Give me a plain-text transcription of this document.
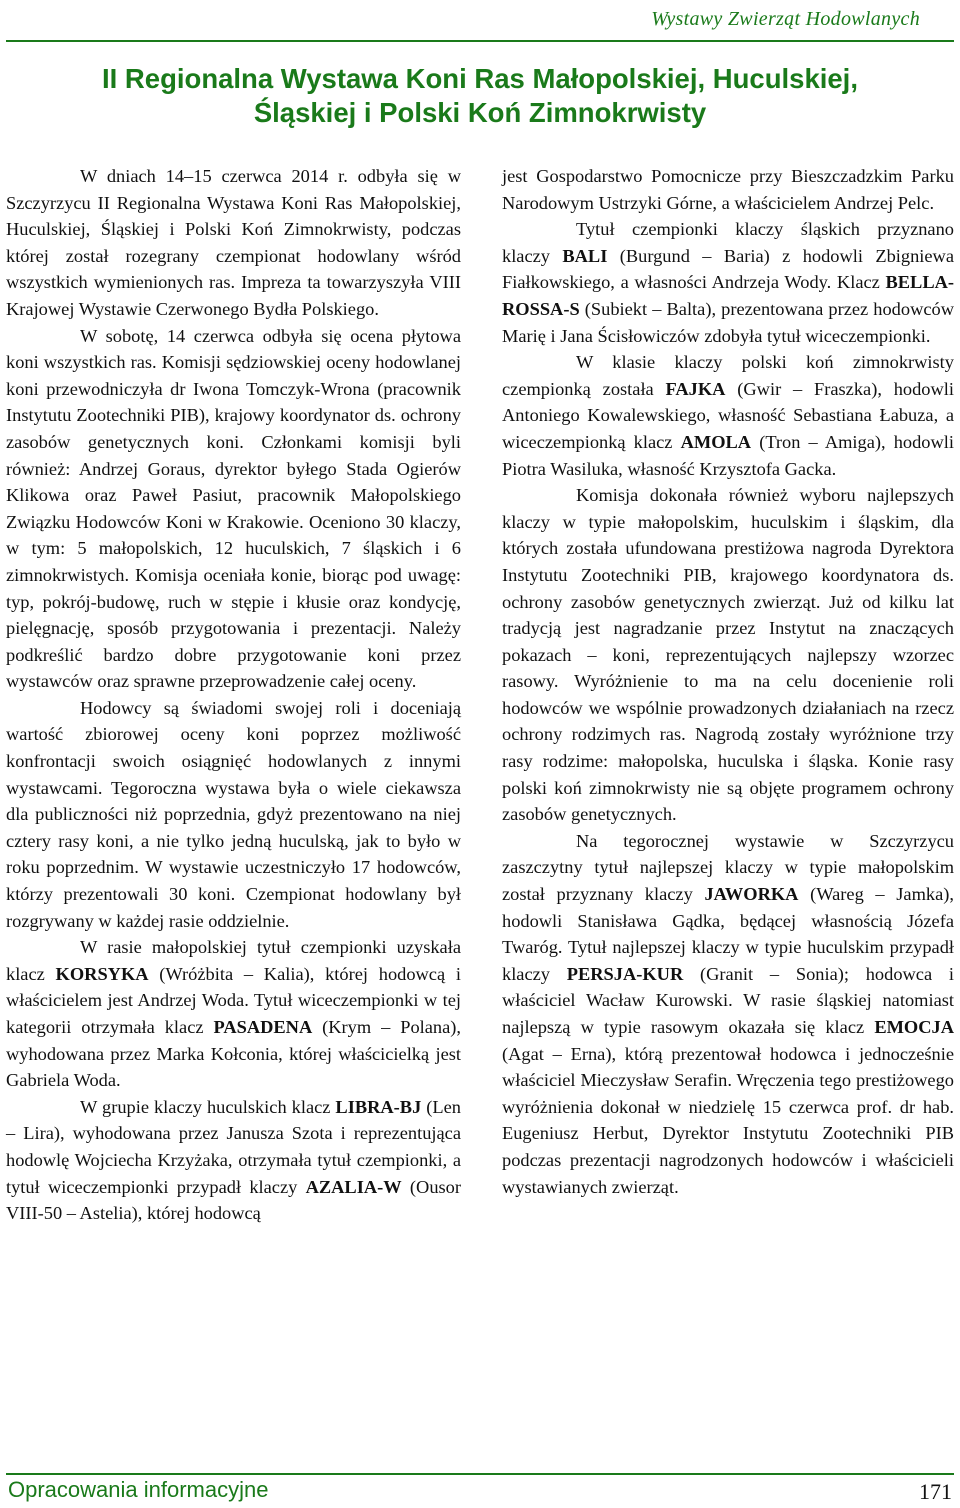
Wystawy Zwierząt Hodowlanych
II Regionalna Wystawa Koni Ras Małopolskiej, Huculskiej,
Śląskiej i Polski Koń Zimnokrwisty

W dniach 14–15 czerwca 2014 r. odbyła się w Szczyrzycu II Regionalna Wystawa Koni Ras Małopolskiej, Huculskiej, Śląskiej i Polski Koń Zimnokrwisty, podczas której został rozegrany czempionat hodowlany wśród wszystkich wymienionych ras. Impreza ta towarzyszyła VIII Krajowej Wystawie Czerwonego Bydła Polskiego.

W sobotę, 14 czerwca odbyła się ocena płytowa koni wszystkich ras. Komisji sędziowskiej oceny hodowlanej koni przewodniczyła dr Iwona Tomczyk-Wrona (pracownik Instytutu Zootechniki PIB), krajowy koordynator ds. ochrony zasobów genetycznych koni. Członkami komisji byli również: Andrzej Goraus, dyrektor byłego Stada Ogierów Klikowa oraz Paweł Pasiut, pracownik Małopolskiego Związku Hodowców Koni w Krakowie. Oceniono 30 klaczy, w tym: 5 małopolskich, 12 huculskich, 7 śląskich i 6 zimnokrwistych. Komisja oceniała konie, biorąc pod uwagę: typ, pokrój-budowę, ruch w stępie i kłusie oraz kondycję, pielęgnację, sposób przygotowania i prezentacji. Należy podkreślić bardzo dobre przygotowanie koni przez wystawców oraz sprawne przeprowadzenie całej oceny.

Hodowcy są świadomi swojej roli i doceniają wartość zbiorowej oceny koni poprzez możliwość konfrontacji swoich osiągnięć hodowlanych z innymi wystawcami. Tegoroczna wystawa była o wiele ciekawsza dla publiczności niż poprzednia, gdyż prezentowano na niej cztery rasy koni, a nie tylko jedną huculską, jak to było w roku poprzednim. W wystawie uczestniczyło 17 hodowców, którzy prezentowali 30 koni. Czempionat hodowlany był rozgrywany w każdej rasie oddzielnie.

W rasie małopolskiej tytuł czempionki uzyskała klacz KORSYKA (Wróżbita – Kalia), której hodowcą i właścicielem jest Andrzej Woda. Tytuł wiceczempionki w tej kategorii otrzymała klacz PASADENA (Krym – Polana), wyhodowana przez Marka Kołconia, której właścicielką jest Gabriela Woda.

W grupie klaczy huculskich klacz LIBRA-BJ (Len – Lira), wyhodowana przez Janusza Szota i reprezentująca hodowlę Wojciecha Krzyżaka, otrzymała tytuł czempionki, a tytuł wiceczempionki przypadł klaczy AZALIA-W (Ousor VIII-50 – Astelia), której hodowcą

jest Gospodarstwo Pomocnicze przy Bieszczadzkim Parku Narodowym Ustrzyki Górne, a właścicielem Andrzej Pelc.

Tytuł czempionki klaczy śląskich przyznano klaczy BALI (Burgund – Baria) z hodowli Zbigniewa Fiałkowskiego, a własności Andrzeja Wody. Klacz BELLA-ROSSA-S (Subiekt – Balta), prezentowana przez hodowców Marię i Jana Ścisłowiczów zdobyła tytuł wiceczempionki.

W klasie klaczy polski koń zimnokrwisty czempionką została FAJKA (Gwir – Fraszka), hodowli Antoniego Kowalewskiego, własność Sebastiana Łabuza, a wiceczempionką klacz AMOLA (Tron – Amiga), hodowli Piotra Wasiluka, własność Krzysztofa Gacka.

Komisja dokonała również wyboru najlepszych klaczy w typie małopolskim, huculskim i śląskim, dla których została ufundowana prestiżowa nagroda Dyrektora Instytutu Zootechniki PIB, krajowego koordynatora ds. ochrony zasobów genetycznych zwierząt. Już od kilku lat tradycją jest nagradzanie przez Instytut na znaczących pokazach – koni, reprezentujących najlepszy wzorzec rasowy. Wyróżnienie to ma na celu docenienie roli hodowców we wspólnie prowadzonych działaniach na rzecz ochrony rodzimych ras. Nagrodą zostały wyróżnione trzy rasy rodzime: małopolska, huculska i śląska. Konie rasy polski koń zimnokrwisty nie są objęte programem ochrony zasobów genetycznych.

Na tegorocznej wystawie w Szczyrzycu zaszczytny tytuł najlepszej klaczy w typie małopolskim został przyznany klaczy JAWORKA (Wareg – Jamka), hodowli Stanisława Gądka, będącej własnością Józefa Twaróg. Tytuł najlepszej klaczy w typie huculskim przypadł klaczy PERSJA-KUR (Granit – Sonia); hodowca i właściciel Wacław Kurowski. W rasie śląskiej natomiast najlepszą w typie rasowym okazała się klacz EMOCJA (Agat – Erna), którą prezentował hodowca i jednocześnie właściciel Mieczysław Serafin. Wręczenia tego prestiżowego wyróżnienia dokonał w niedzielę 15 czerwca prof. dr hab. Eugeniusz Herbut, Dyrektor Instytutu Zootechniki PIB podczas prezentacji nagrodzonych hodowców i właścicieli wystawianych zwierząt.

Opracowania informacyjne	171
